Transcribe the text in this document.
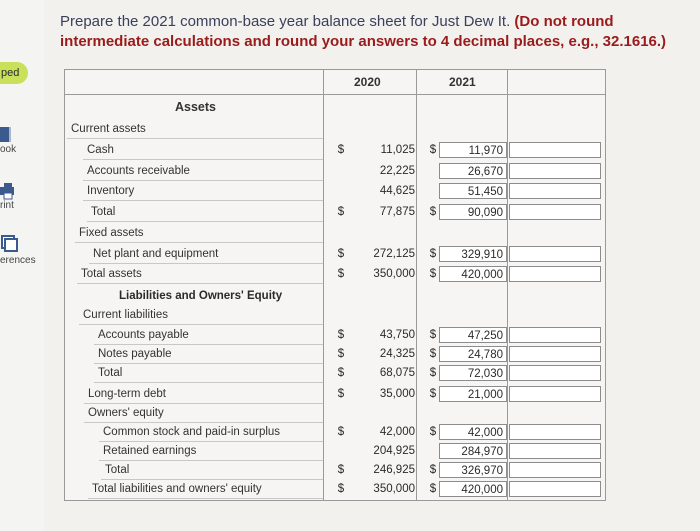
ped
ook
rint
erences

Prepare the 2021 common-base year balance sheet for Just Dew It. (Do not round intermediate calculations and round your answers to 4 decimal places, e.g., 32.1616.)

2020	2021
Assets
Liabilities and Owners' Equity
Current assets
Cash	$	11,025 $	11,970
Accounts receivable	22,225	26,670
Inventory	44,625	51,450
Total	$	77,875 $	90,090
Fixed assets
Net plant and equipment	$	272,125 $	329,910
Total assets	$	350,000 $	420,000
Current liabilities
Accounts payable	$	43,750 $	47,250
Notes payable	$	24,325 $	24,780
Total	$	68,075 $	72,030
Long-term debt	$	35,000 $	21,000
Owners' equity
Common stock and paid-in surplus	$	42,000 $	42,000
Retained earnings	204,925	284,970
Total	$	246,925 $	326,970
Total liabilities and owners' equity	$	350,000 $	420,000
